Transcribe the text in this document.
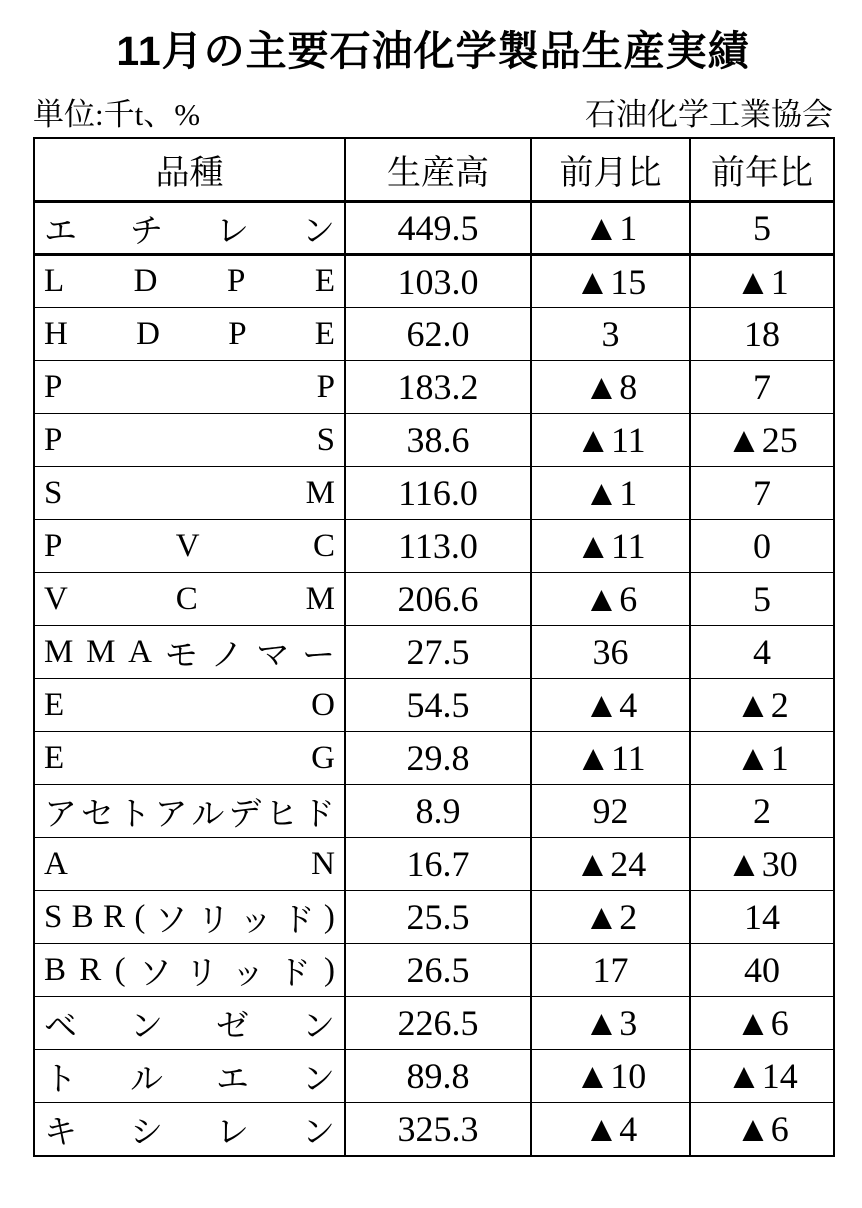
11月の主要石油化学製品生産実績
単位:千t、%	石油化学工業協会
品種	生産高	前月比	前年比

エ チ レ ン	449.5	▲1	5

L D P E	103.0	▲15	▲1

H D P E	62.0	3	18

P P	183.2	▲8	7

P S	38.6	▲11	▲25

S M	116.0	▲1	7

P V C	113.0	▲11	0

V C M	206.6	▲6	5

M M A モ ノ マ ー	27.5	36	4

E O	54.5	▲4	▲2

E G	29.8	▲11	▲1

ア セ ト ア ル デ ヒ ド	8.9	92	2

A N	16.7	▲24	▲30

S B R ( ソ リ ッ ド )	25.5	▲2	14

B R ( ソ リ ッ ド )	26.5	17	40

ベ ン ゼ ン	226.5	▲3	▲6

ト ル エ ン	89.8	▲10	▲14

キ シ レ ン	325.3	▲4	▲6
